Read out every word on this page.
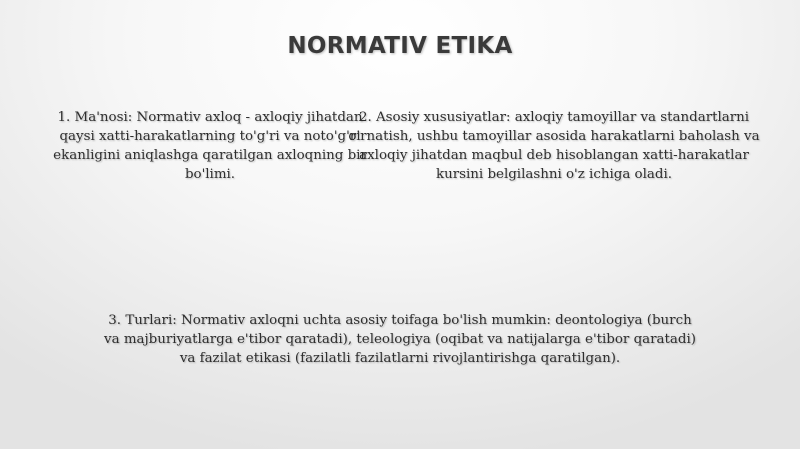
NORMATIV ETIKA
1. Ma'nosi: Normativ axloq - axloqiy jihatdan qaysi xatti-harakatlarning to'g'ri va noto'g'ri ekanligini aniqlashga qaratilgan axloqning bir bo'limi.
2. Asosiy xususiyatlar: axloqiy tamoyillar va standartlarni o'rnatish, ushbu tamoyillar asosida harakatlarni baholash va axloqiy jihatdan maqbul deb hisoblangan xatti-harakatlar kursini belgilashni o'z ichiga oladi.
3. Turlari: Normativ axloqni uchta asosiy toifaga bo'lish mumkin: deontologiya (burch va majburiyatlarga e'tibor qaratadi), teleologiya (oqibat va natijalarga e'tibor qaratadi) va fazilat etikasi (fazilatli fazilatlarni rivojlantirishga qaratilgan).
